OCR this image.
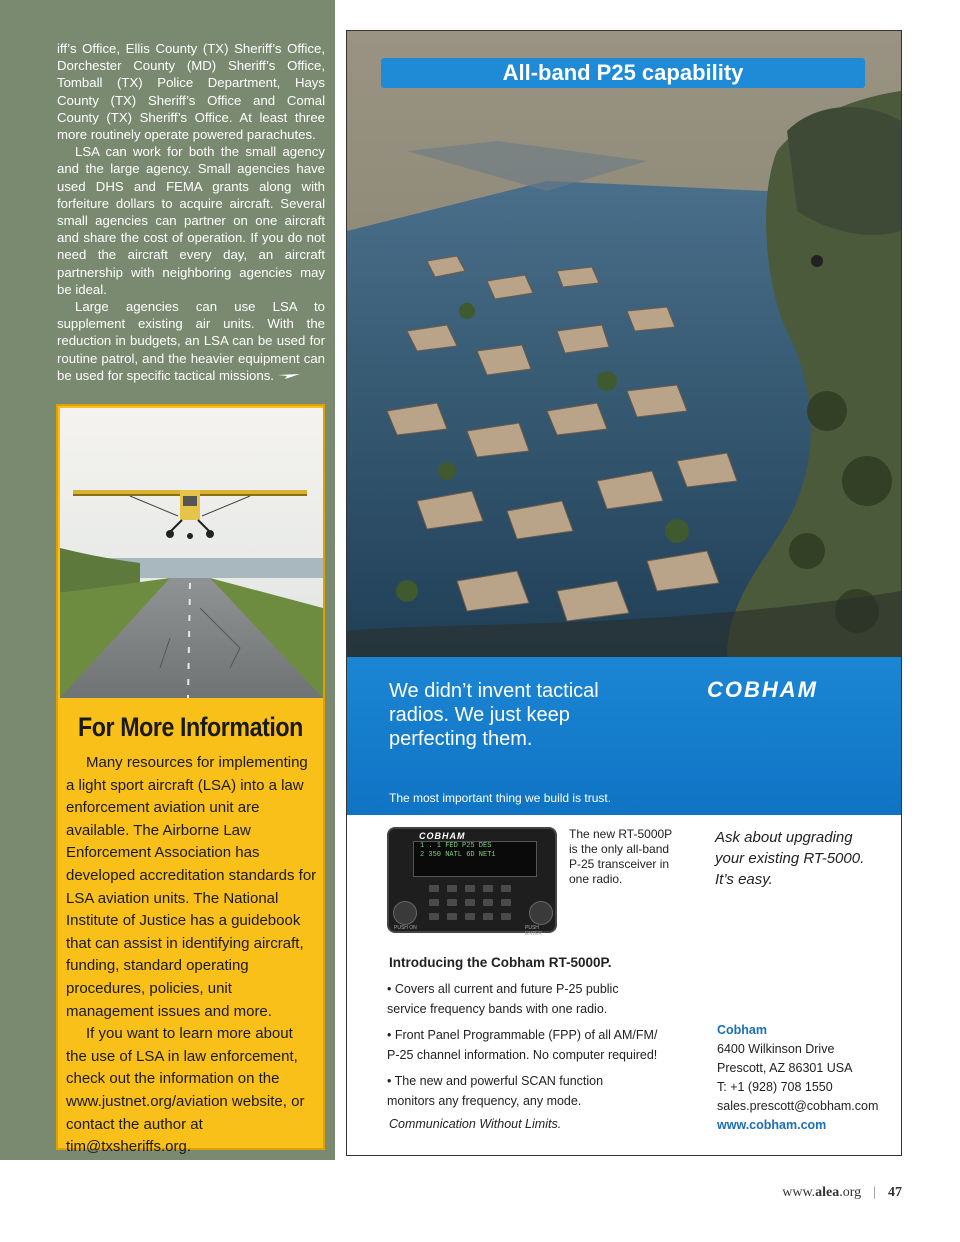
iff’s Office, Ellis County (TX) Sheriff’s Office, Dorchester County (MD) Sheriff’s Office, Tomball (TX) Police Department, Hays County (TX) Sheriff’s Office and Comal County (TX) Sheriff’s Office. At least three more routinely operate powered parachutes.

LSA can work for both the small agency and the large agency. Small agencies have used DHS and FEMA grants along with forfeiture dollars to acquire aircraft. Several small agencies can partner on one aircraft and share the cost of operation. If you do not need the aircraft every day, an aircraft partnership with neighboring agencies may be ideal.

Large agencies can use LSA to supplement existing air units. With the reduction in budgets, an LSA can be used for routine patrol, and the heavier equipment can be used for specific tactical missions.

For More Information

Many resources for implementing a light sport aircraft (LSA) into a law enforcement aviation unit are available. The Airborne Law Enforcement Association has developed accreditation standards for LSA aviation units. The National Institute of Justice has a guidebook that can assist in identifying aircraft, funding, standard operating procedures, policies, unit management issues and more.

If you want to learn more about the use of LSA in law enforcement, check out the information on the www.justnet.org/aviation website, or contact the author at tim@txsheriffs.org.

All-band P25 capability
We didn’t invent tactical
radios. We just keep
perfecting them.
COBHAM
The most important thing we build is trust.
COBHAM
1 . 1 FED P25 DES
2 350 NATL 6D NET1
PUSH ON	PUSH ENTER
The new RT-5000P is the only all-band P-25 transceiver in one radio.
Ask about upgrading
your existing RT-5000.
It’s easy.
Introducing the Cobham RT-5000P.
• Covers all current and future P-25 public
service frequency bands with one radio.
• Front Panel Programmable (FPP) of all AM/FM/
P-25 channel information. No computer required!
• The new and powerful SCAN function
monitors any frequency, any mode.
Communication Without Limits.
Cobham
6400 Wilkinson Drive
Prescott, AZ 86301 USA
T: +1 (928) 708 1550
sales.prescott@cobham.com
www.cobham.com
www.alea.org | 47
